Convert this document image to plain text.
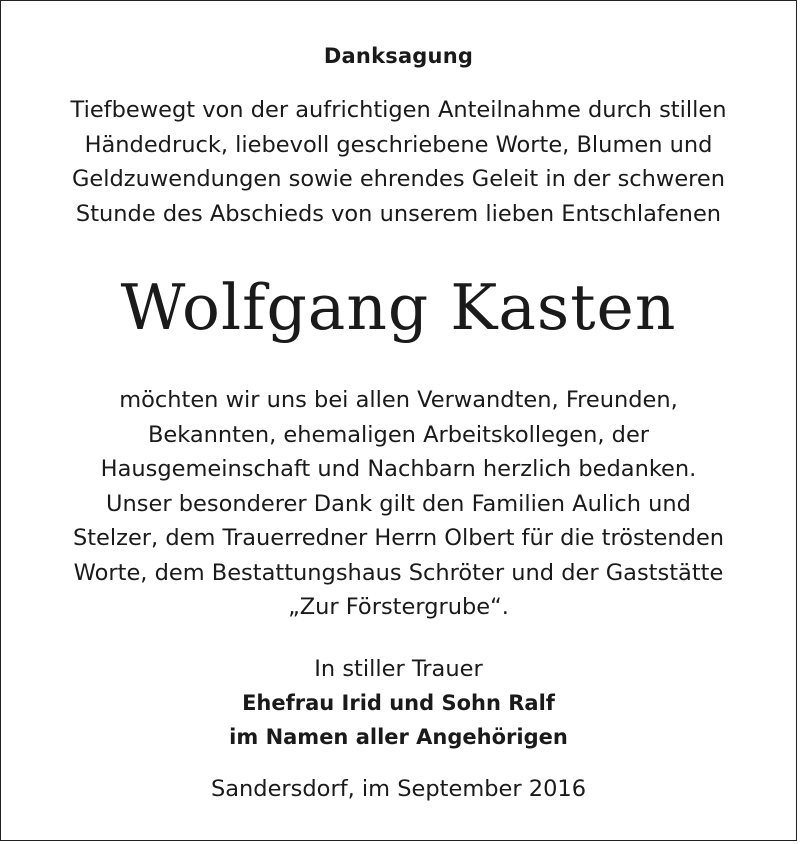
Danksagung
Tiefbewegt von der aufrichtigen Anteilnahme durch stillen
Händedruck, liebevoll geschriebene Worte, Blumen und
Geldzuwendungen sowie ehrendes Geleit in der schweren
Stunde des Abschieds von unserem lieben Entschlafenen
Wolfgang Kasten
möchten wir uns bei allen Verwandten, Freunden,
Bekannten, ehemaligen Arbeitskollegen, der
Hausgemeinschaft und Nachbarn herzlich bedanken.
Unser besonderer Dank gilt den Familien Aulich und
Stelzer, dem Trauerredner Herrn Olbert für die tröstenden
Worte, dem Bestattungshaus Schröter und der Gaststätte
„Zur Förstergrube“.
In stiller Trauer
Ehefrau Irid und Sohn Ralf
im Namen aller Angehörigen
Sandersdorf, im September 2016
